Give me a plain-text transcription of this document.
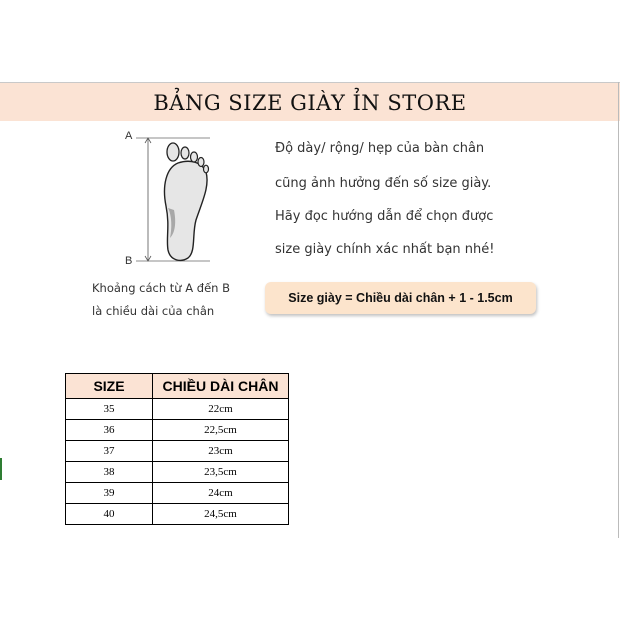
BẢNG SIZE GIÀY ỈN STORE
A
B
Khoảng cách từ A đến B
là chiều dài của chân
Độ dày/ rộng/ hẹp của bàn chân
cũng ảnh hưởng đến số size giày.
Hãy đọc hướng dẫn để chọn được
size giày chính xác nhất bạn nhé!
Size giày = Chiều dài chân + 1 - 1.5cm
SIZE	CHIỀU DÀI CHÂN
35	22cm
36	22,5cm
37	23cm
38	23,5cm
39	24cm
40	24,5cm
